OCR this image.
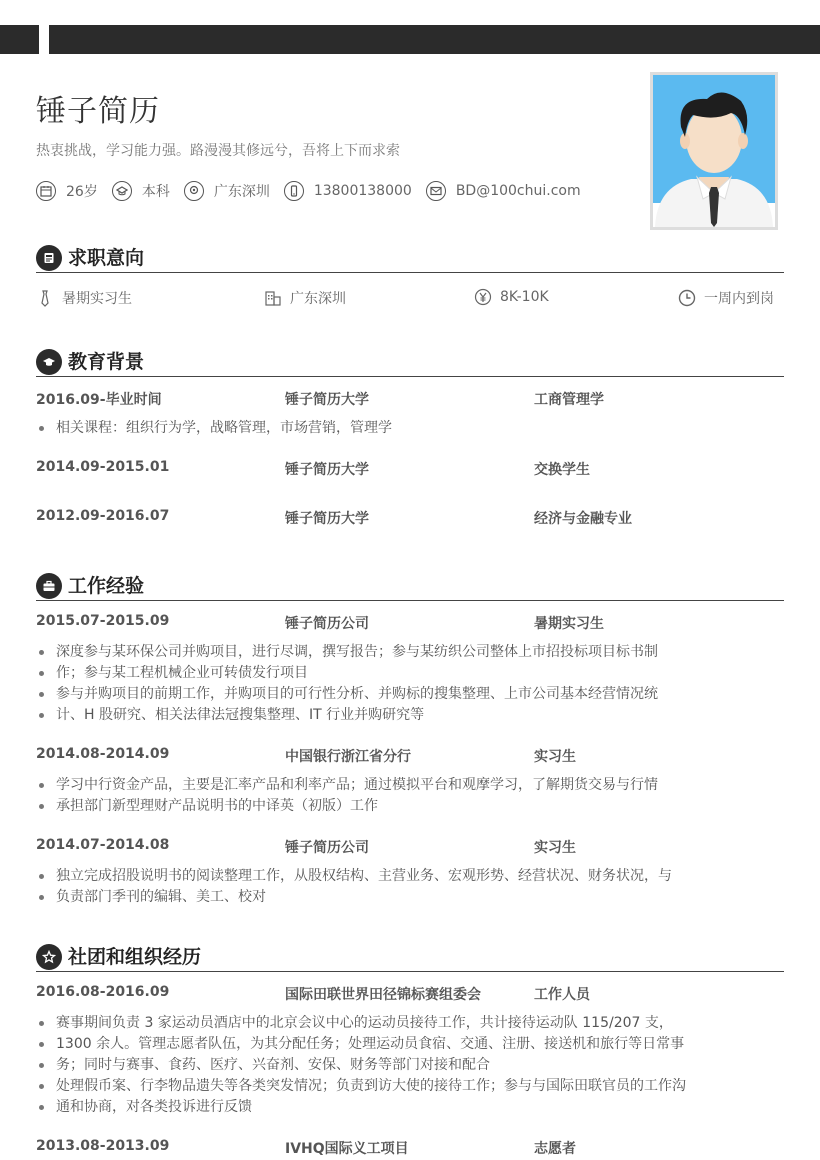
锤子简历
热衷挑战，学习能力强。路漫漫其修远兮，吾将上下而求索
26岁	本科	广东深圳	13800138000	BD@100chui.com
求职意向
暑期实习生	广东深圳	8K-10K	一周内到岗
教育背景
2016.09-毕业时间	锤子简历大学	工商管理学
相关课程：组织行为学，战略管理，市场营销，管理学
2014.09-2015.01	锤子简历大学	交换学生
2012.09-2016.07	锤子简历大学	经济与金融专业
工作经验
2015.07-2015.09	锤子简历公司	暑期实习生
深度参与某环保公司并购项目，进行尽调，撰写报告；参与某纺织公司整体上市招投标项目标书制
作；参与某工程机械企业可转债发行项目
参与并购项目的前期工作，并购项目的可行性分析、并购标的搜集整理、上市公司基本经营情况统
计、H 股研究、相关法律法冠搜集整理、IT 行业并购研究等
2014.08-2014.09	中国银行浙江省分行	实习生
学习中行资金产品，主要是汇率产品和利率产品；通过模拟平台和观摩学习，了解期货交易与行情
承担部门新型理财产品说明书的中译英（初版）工作
2014.07-2014.08	锤子简历公司	实习生
独立完成招股说明书的阅读整理工作，从股权结构、主营业务、宏观形势、经营状况、财务状况，与
负责部门季刊的编辑、美工、校对
社团和组织经历
2016.08-2016.09	国际田联世界田径锦标赛组委会	工作人员
赛事期间负责 3 家运动员酒店中的北京会议中心的运动员接待工作，共计接待运动队 115/207 支，
1300 余人。管理志愿者队伍，为其分配任务；处理运动员食宿、交通、注册、接送机和旅行等日常事
务；同时与赛事、食药、医疗、兴奋剂、安保、财务等部门对接和配合
处理假币案、行李物品遗失等各类突发情况；负责到访大使的接待工作；参与与国际田联官员的工作沟
通和协商，对各类投诉进行反馈
2013.08-2013.09	IVHQ国际义工项目	志愿者
